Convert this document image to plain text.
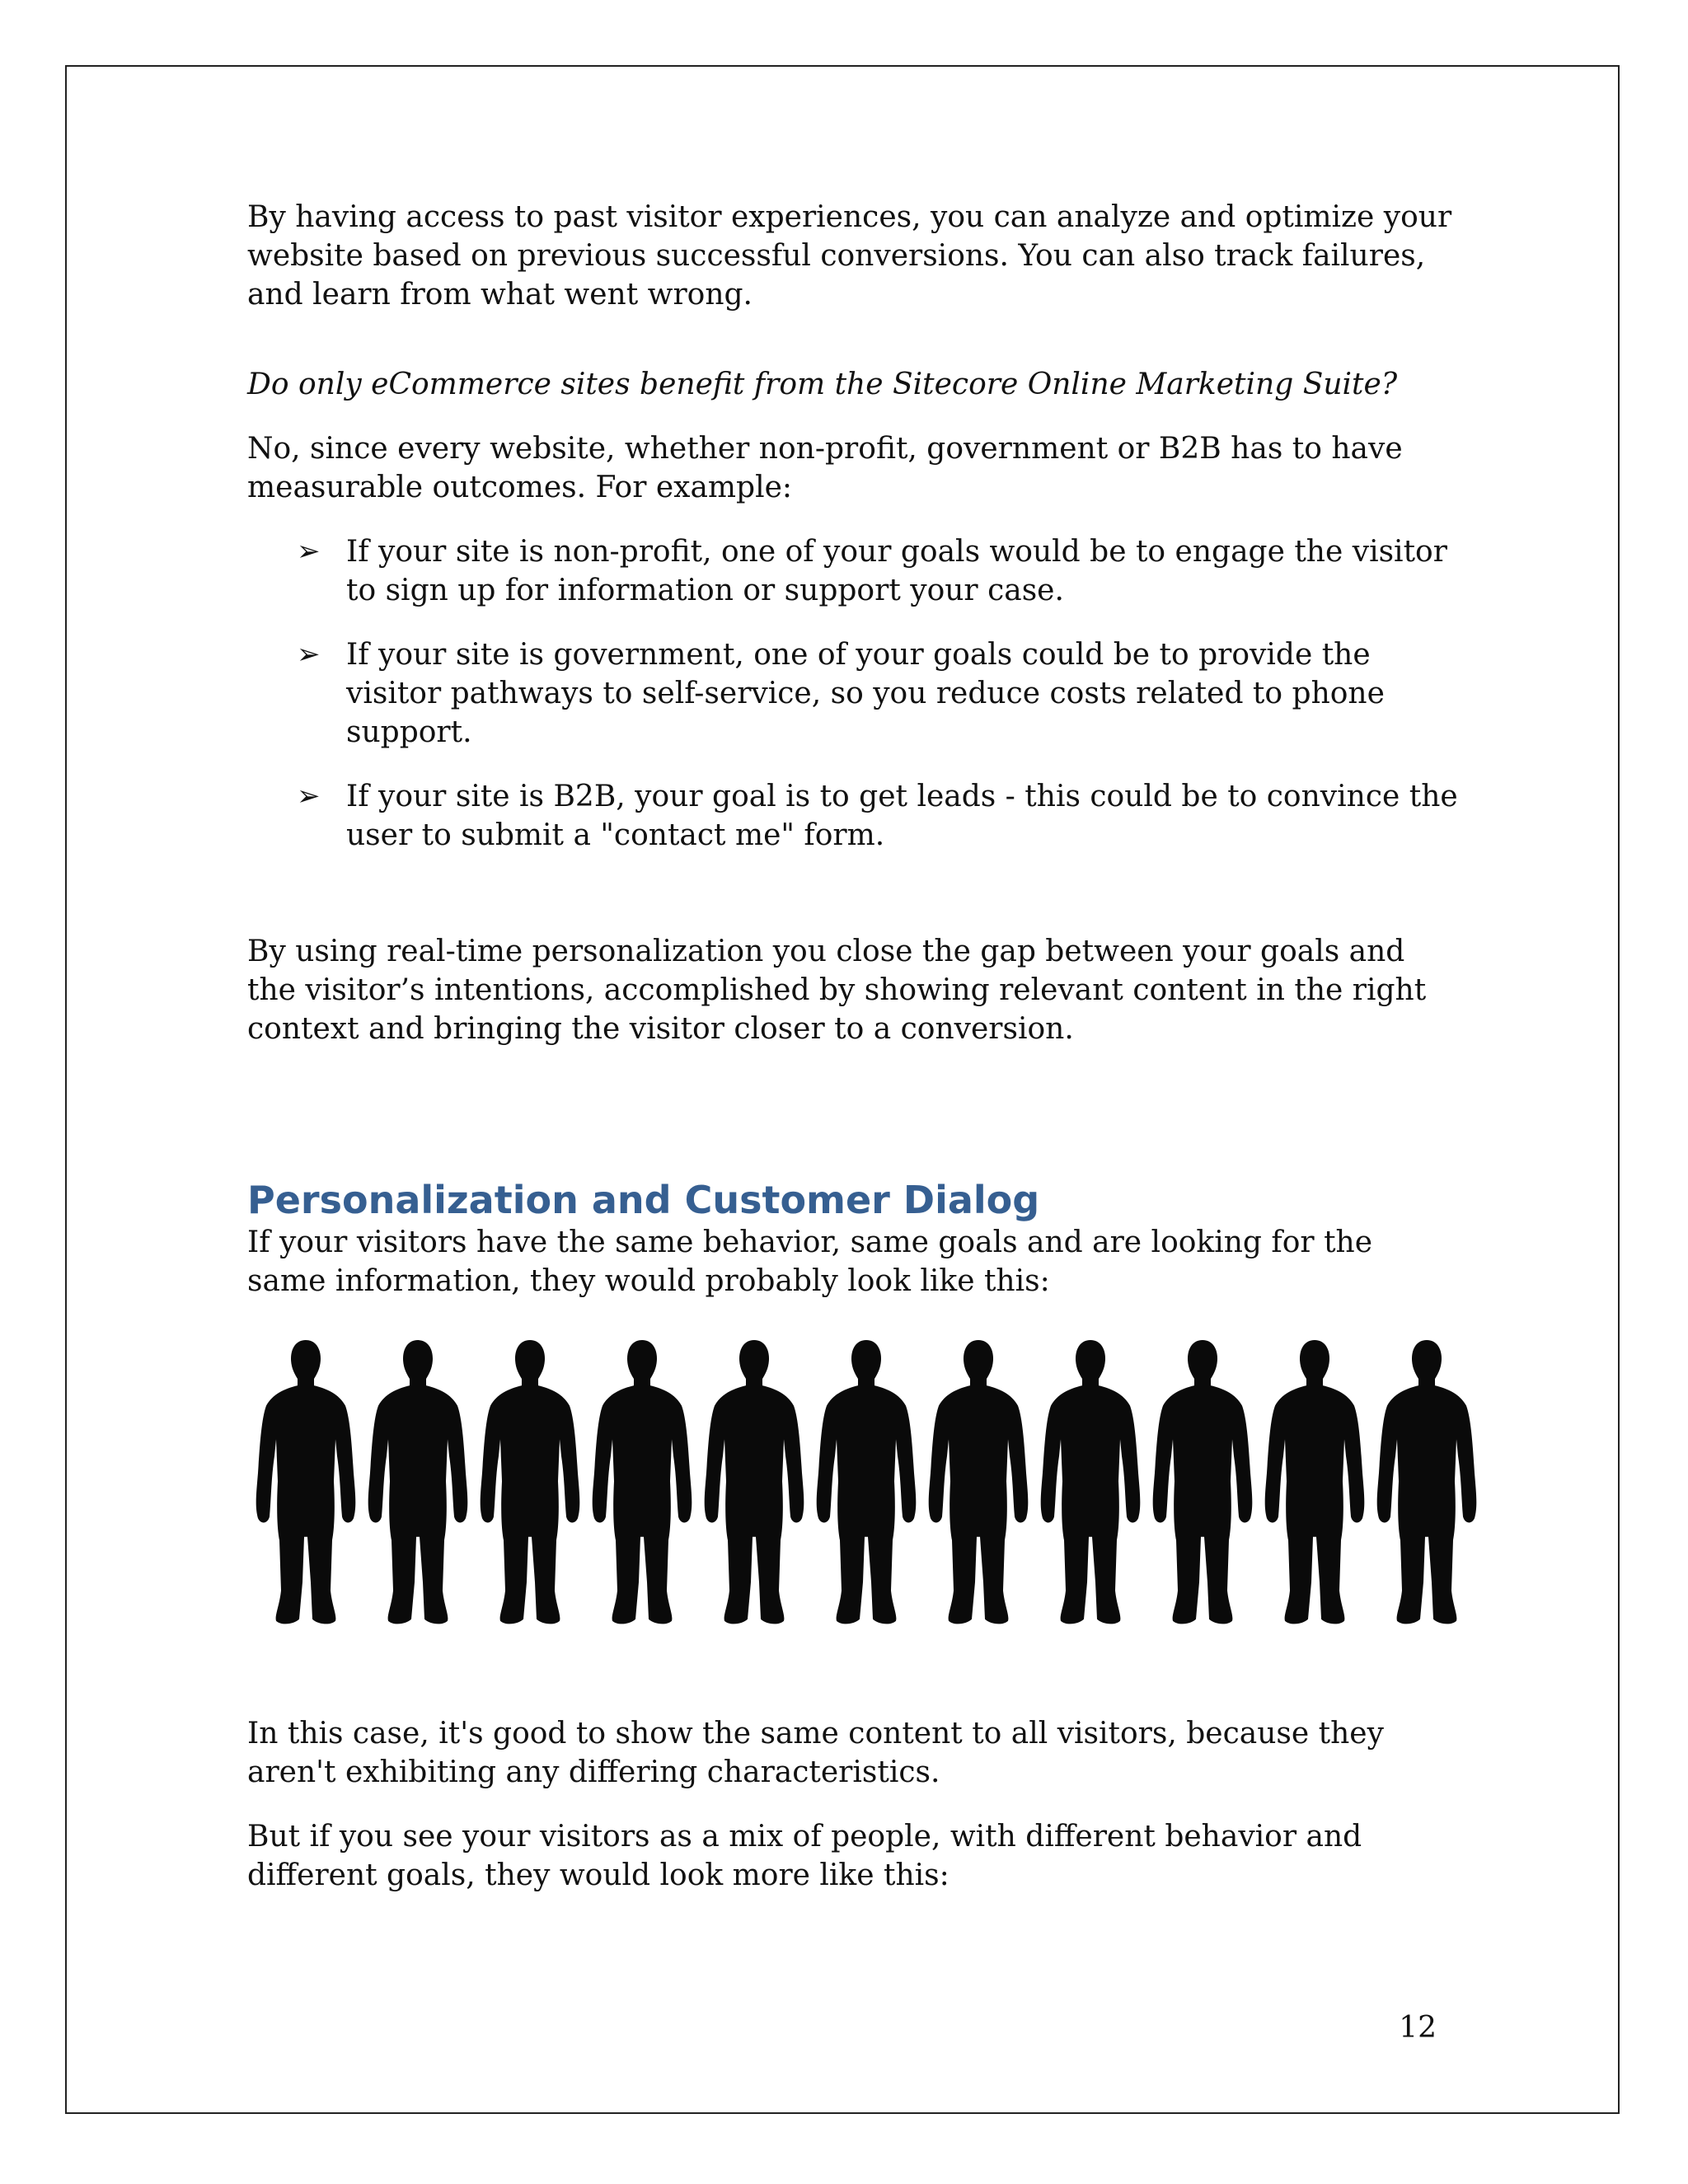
By having access to past visitor experiences, you can analyze and optimize your website based on previous successful conversions. You can also track failures, and learn from what went wrong.

Do only eCommerce sites benefit from the Sitecore Online Marketing Suite?

No, since every website, whether non-profit, government or B2B has to have measurable outcomes. For example:

➢ If your site is non-profit, one of your goals would be to engage the visitor to sign up for information or support your case.
➢ If your site is government, one of your goals could be to provide the visitor pathways to self-service, so you reduce costs related to phone support.
➢ If your site is B2B, your goal is to get leads - this could be to convince the user to submit a "contact me" form.

By using real-time personalization you close the gap between your goals and the visitor’s intentions, accomplished by showing relevant content in the right context and bringing the visitor closer to a conversion.

Personalization and Customer Dialog

If your visitors have the same behavior, same goals and are looking for the same information, they would probably look like this:

In this case, it's good to show the same content to all visitors, because they aren't exhibiting any differing characteristics.

But if you see your visitors as a mix of people, with different behavior and different goals, they would look more like this:

12
